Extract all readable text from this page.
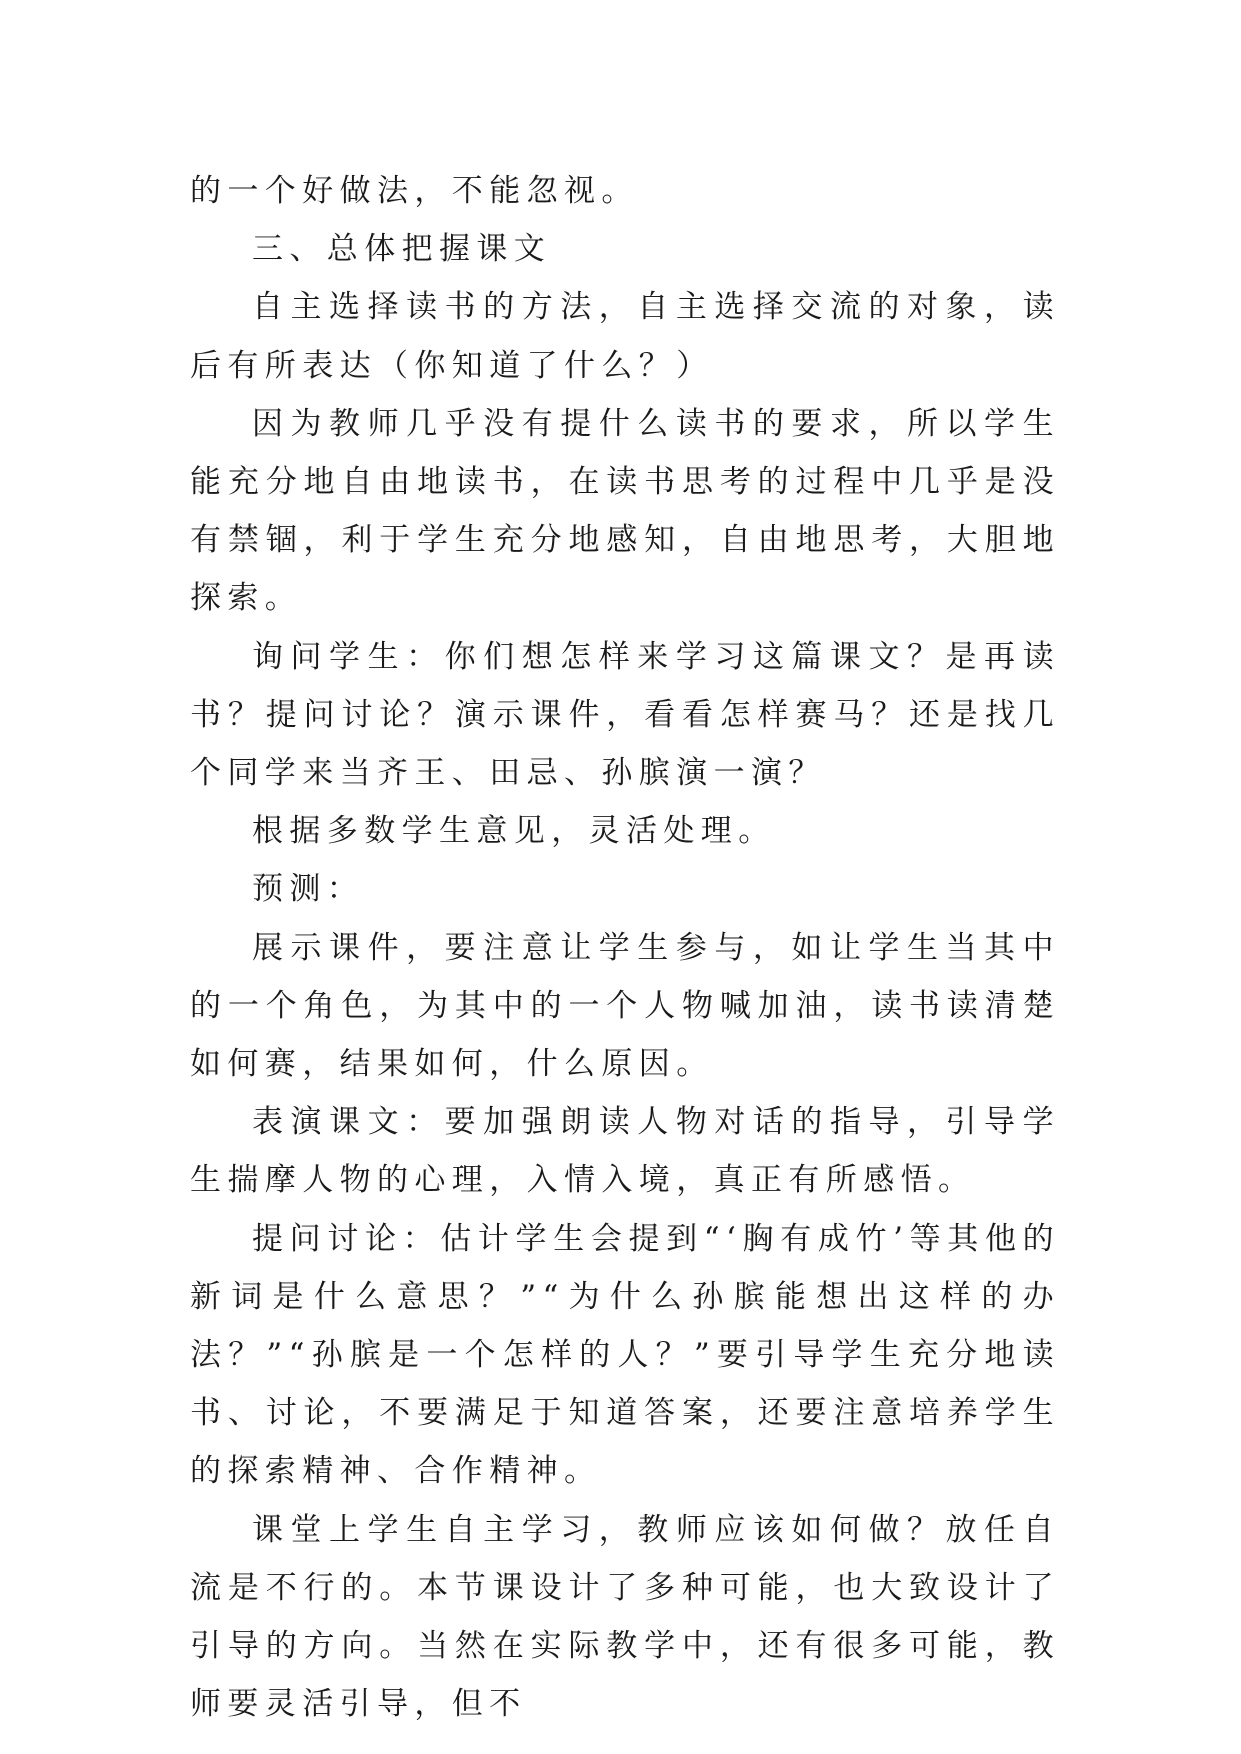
的一个好做法，不能忽视。

三、总体把握课文

自主选择读书的方法，自主选择交流的对象，读后有所表达（你知道了什么？）

因为教师几乎没有提什么读书的要求，所以学生能充分地自由地读书，在读书思考的过程中几乎是没有禁锢，利于学生充分地感知，自由地思考，大胆地探索。

询问学生：你们想怎样来学习这篇课文？是再读书？提问讨论？演示课件，看看怎样赛马？还是找几个同学来当齐王、田忌、孙膑演一演？

根据多数学生意见，灵活处理。

预测：

展示课件，要注意让学生参与，如让学生当其中的一个角色，为其中的一个人物喊加油，读书读清楚如何赛，结果如何，什么原因。

表演课文：要加强朗读人物对话的指导，引导学生揣摩人物的心理，入情入境，真正有所感悟。

提问讨论：估计学生会提到“‘胸有成竹’等其他的新词是什么意思？”“为什么孙膑能想出这样的办法？”“孙膑是一个怎样的人？”要引导学生充分地读书、讨论，不要满足于知道答案，还要注意培养学生的探索精神、合作精神。

课堂上学生自主学习，教师应该如何做？放任自流是不行的。本节课设计了多种可能，也大致设计了引导的方向。当然在实际教学中，还有很多可能，教师要灵活引导，但不
